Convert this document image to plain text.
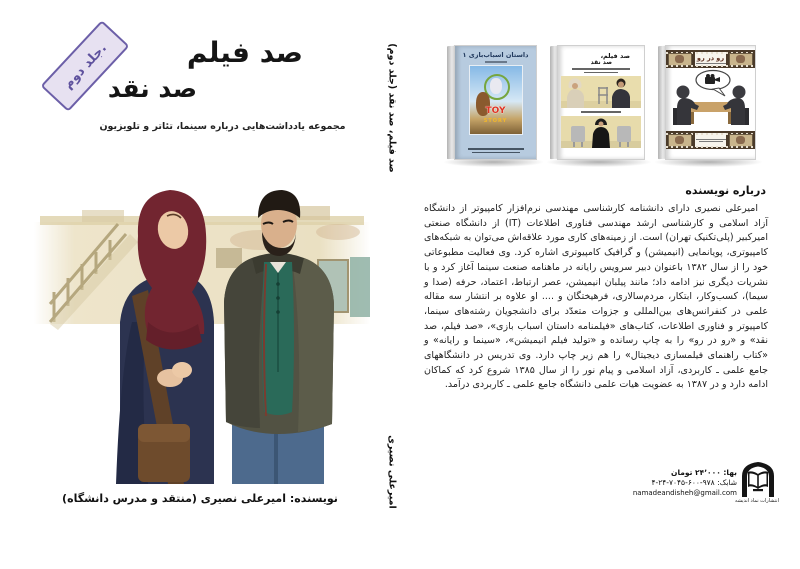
جلد دوم.	صد فیلم
صد نقد
مجموعه یادداشت‌هایی درباره سینما، تئاتر و تلویزیون
نویسنده: امیرعلی نصیری (منتقد و مدرس دانشگاه)
صد فیلم، صد نقد (جلد دوم)
امیرعلی نصیری
داستان اسباب‌بازی ۱
TOY
STORY
صد فیلم،
صد نقد
رو در رو
درباره نویسنده
امیرعلی نصیری دارای دانشنامه کارشناسی مهندسی نرم‌افزار کامپیوتر از دانشگاه آزاد اسلامی و کارشناسی ارشد مهندسی فناوری اطلاعات (IT) از دانشگاه صنعتی امیرکبیر (پلی‌تکنیک تهران) است. از زمینه‌های کاری مورد علاقه‌اش می‌توان به شبکه‌های کامپیوتری، پویانمایی (انیمیشن) و گرافیک کامپیوتری اشاره کرد. وی فعالیت مطبوعاتی خود را از سال ۱۳۸۲ باعنوان دبیر سرویس رایانه در ماهنامه صنعت سینما آغاز کرد و با نشریات دیگری نیز ادامه داد؛ مانند پیلبان انیمیشن، عصر ارتباط، اعتماد، حرفه (صدا و سیما)، کسب‌وکار، ابتکار، مردم‌سالاری، فرهیختگان و .... او علاوه بر انتشار سه مقاله علمی در کنفرانس‌های بین‌المللی و جزوات متعدّد برای دانشجویان رشته‌های سینما، کامپیوتر و فناوری اطلاعات، کتاب‌های «فیلمنامه داستان اسباب بازی»، «صد فیلم، صد نقد» و «رو در رو» را به چاپ رسانده و «تولید فیلم انیمیشن»، «سینما و رایانه» و «کتاب راهنمای فیلمسازی دیجیتال» را هم زیر چاپ دارد. وی تدریس در دانشگاههای جامع علمی ـ کاربردی، آزاد اسلامی و پیام نور را از سال ۱۳۸۵ شروع کرد که کماکان ادامه دارد و در ۱۳۸۷ به عضویت هیات علمی دانشگاه جامع علمی ـ کاربردی درآمد.
بها: ۲۴٬۰۰۰ تومان
شابک: ۹۷۸-۶۰۰-۷۰۴۵-۲۴-۴
namadeandisheh@gmail.com
انتشارات نماد اندیشه
